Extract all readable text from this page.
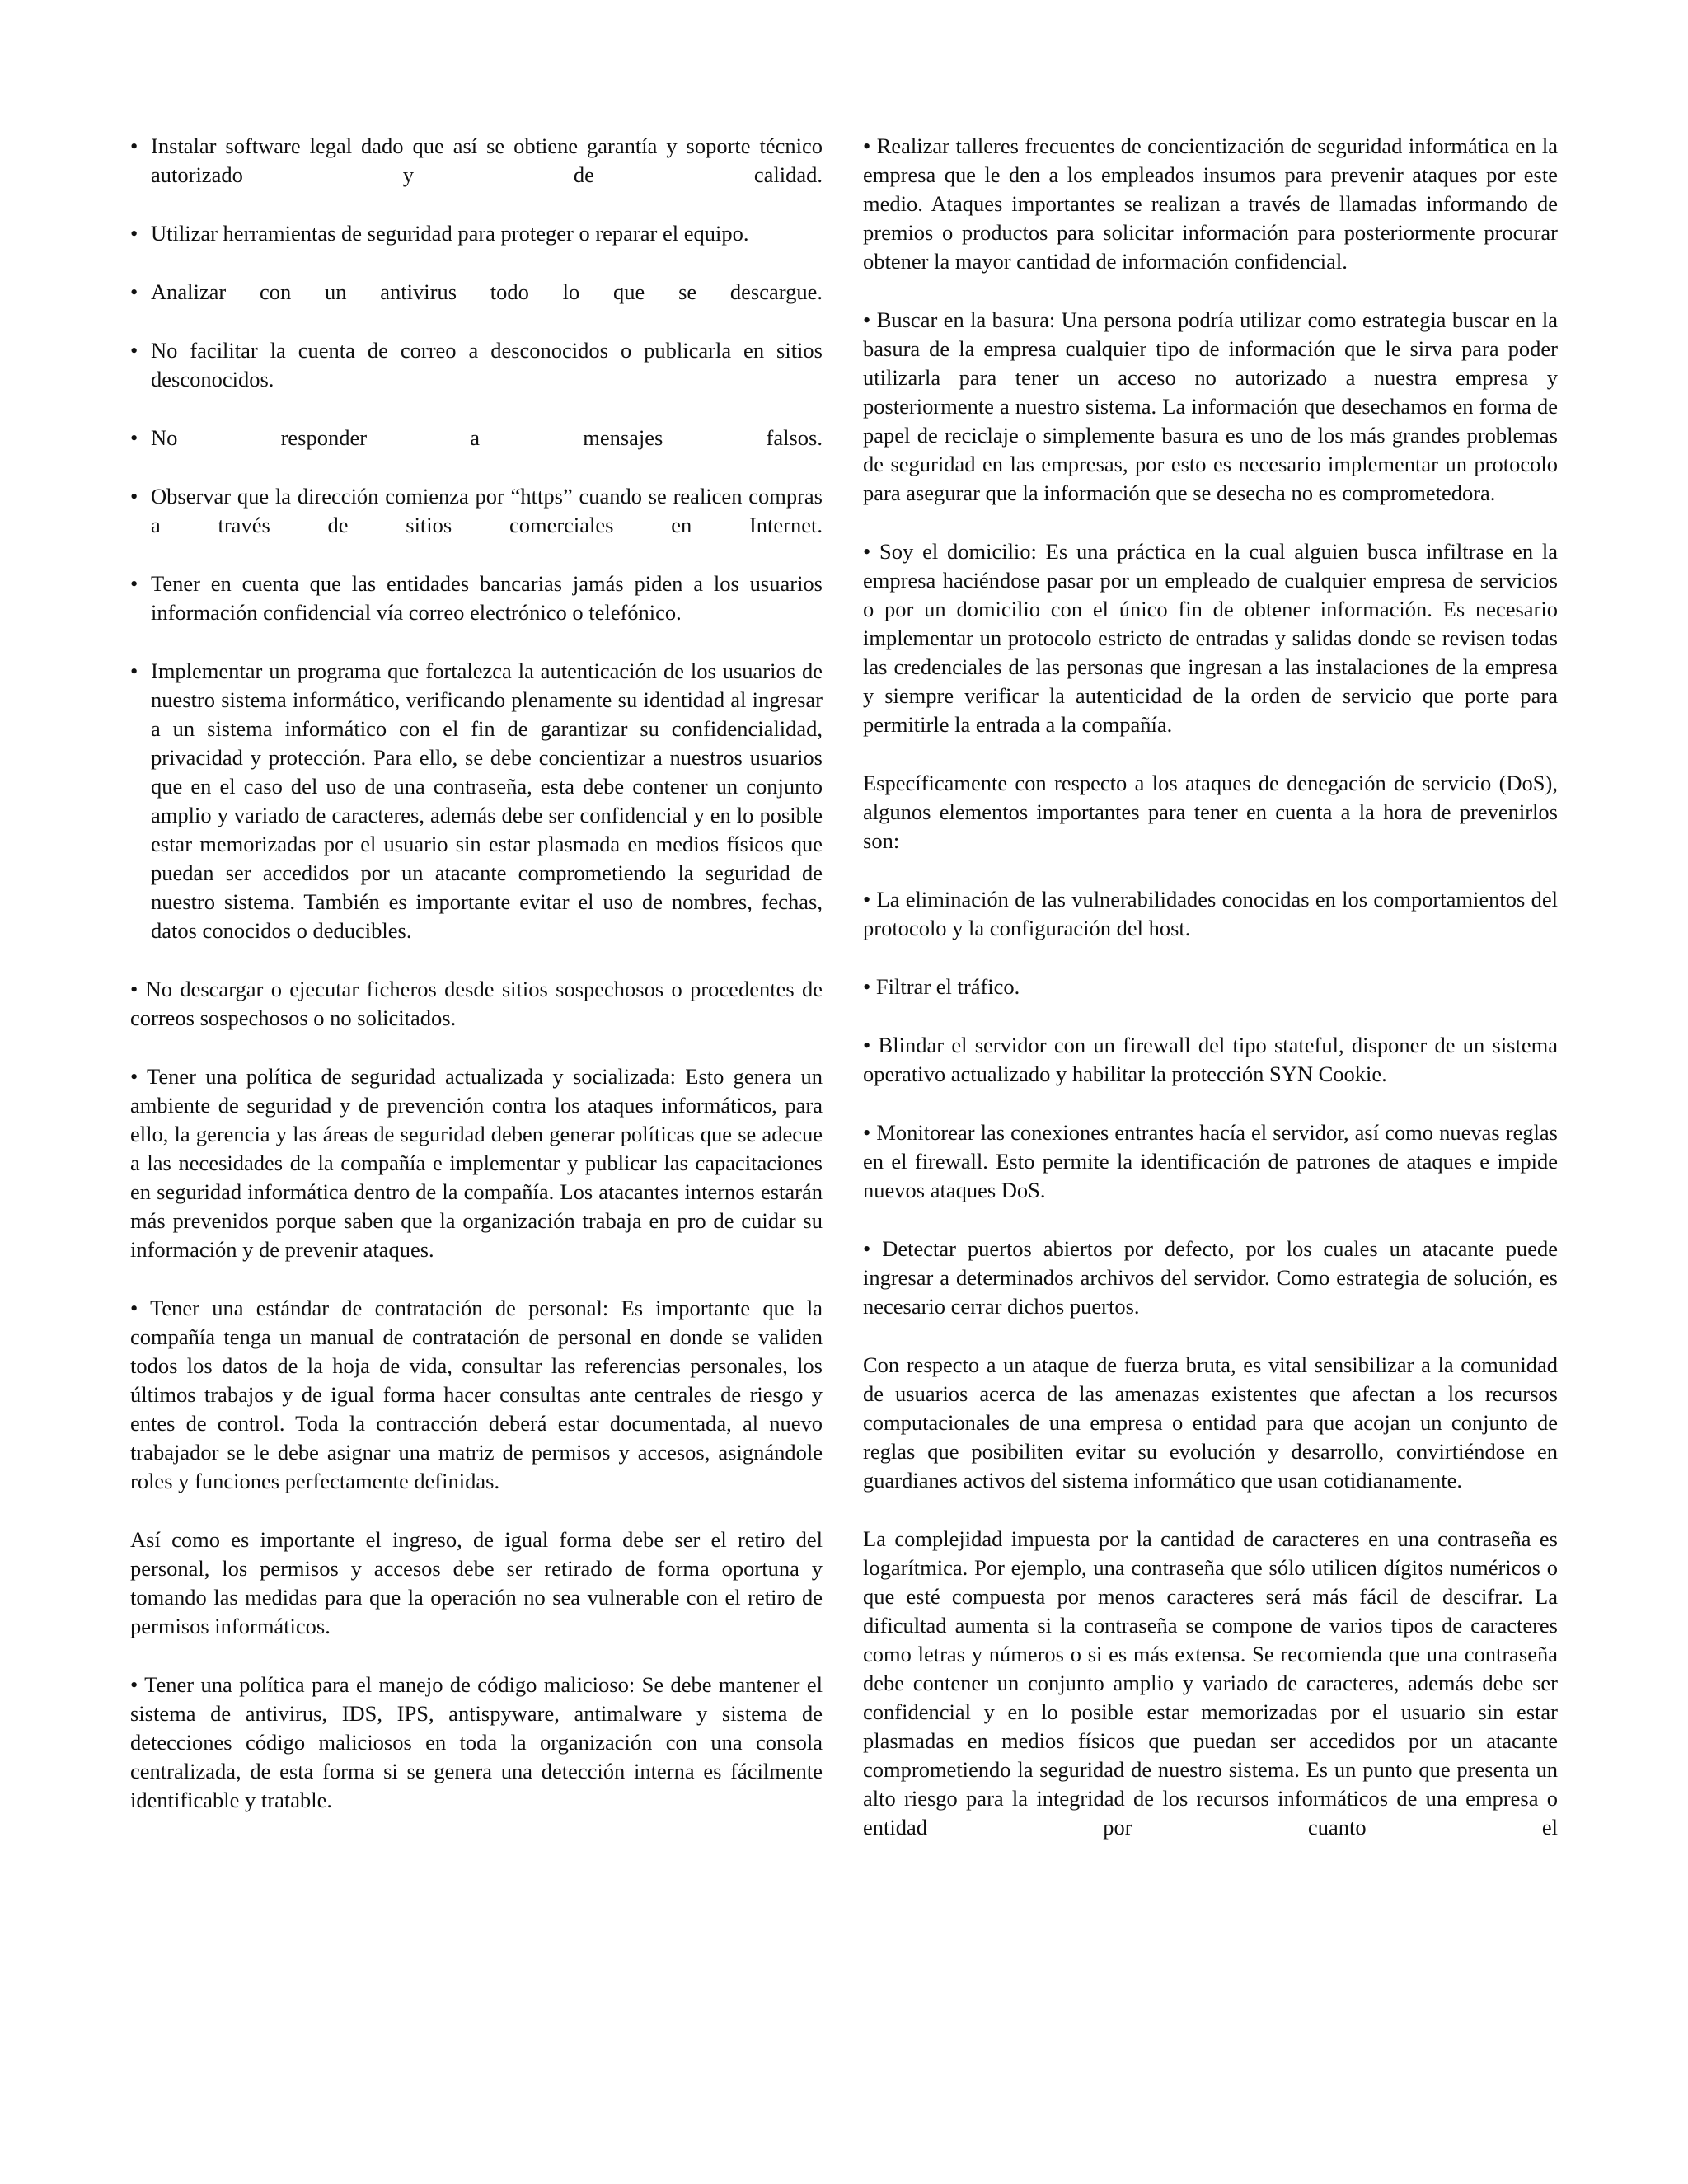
• Instalar software legal dado que así se obtiene garantía y soporte técnico autorizado y de calidad.

• Utilizar herramientas de seguridad para proteger o reparar el equipo.

• Analizar con un antivirus todo lo que se descargue.

• No facilitar la cuenta de correo a desconocidos o publicarla en sitios desconocidos.

• No responder a mensajes falsos.

• Observar que la dirección comienza por “https” cuando se realicen compras a través de sitios comerciales en Internet.

• Tener en cuenta que las entidades bancarias jamás piden a los usuarios información confidencial vía correo electrónico o telefónico.

• Implementar un programa que fortalezca la autenticación de los usuarios de nuestro sistema informático, verificando plenamente su identidad al ingresar a un sistema informático con el fin de garantizar su confidencialidad, privacidad y protección. Para ello, se debe concientizar a nuestros usuarios que en el caso del uso de una contraseña, esta debe contener un conjunto amplio y variado de caracteres, además debe ser confidencial y en lo posible estar memorizadas por el usuario sin estar plasmada en medios físicos que puedan ser accedidos por un atacante comprometiendo la seguridad de nuestro sistema. También es importante evitar el uso de nombres, fechas, datos conocidos o deducibles.

• No descargar o ejecutar ficheros desde sitios sospechosos o procedentes de correos sospechosos o no solicitados.

• Tener una política de seguridad actualizada y socializada: Esto genera un ambiente de seguridad y de prevención contra los ataques informáticos, para ello, la gerencia y las áreas de seguridad deben generar políticas que se adecue a las necesidades de la compañía e implementar y publicar las capacitaciones en seguridad informática dentro de la compañía. Los atacantes internos estarán más prevenidos porque saben que la organización trabaja en pro de cuidar su información y de prevenir ataques.

• Tener una estándar de contratación de personal: Es importante que la compañía tenga un manual de contratación de personal en donde se validen todos los datos de la hoja de vida, consultar las referencias personales, los últimos trabajos y de igual forma hacer consultas ante centrales de riesgo y entes de control. Toda la contracción deberá estar documentada, al nuevo trabajador se le debe asignar una matriz de permisos y accesos, asignándole roles y funciones perfectamente definidas.

Así como es importante el ingreso, de igual forma debe ser el retiro del personal, los permisos y accesos debe ser retirado de forma oportuna y tomando las medidas para que la operación no sea vulnerable con el retiro de permisos informáticos.

• Tener una política para el manejo de código malicioso: Se debe mantener el sistema de antivirus, IDS, IPS, antispyware, antimalware y sistema de detecciones código maliciosos en toda la organización con una consola centralizada, de esta forma si se genera una detección interna es fácilmente identificable y tratable.

• Realizar talleres frecuentes de concientización de seguridad informática en la empresa que le den a los empleados insumos para prevenir ataques por este medio. Ataques importantes se realizan a través de llamadas informando de premios o productos para solicitar información para posteriormente procurar obtener la mayor cantidad de información confidencial.

• Buscar en la basura: Una persona podría utilizar como estrategia buscar en la basura de la empresa cualquier tipo de información que le sirva para poder utilizarla para tener un acceso no autorizado a nuestra empresa y posteriormente a nuestro sistema. La información que desechamos en forma de papel de reciclaje o simplemente basura es uno de los más grandes problemas de seguridad en las empresas, por esto es necesario implementar un protocolo para asegurar que la información que se desecha no es comprometedora.

• Soy el domicilio: Es una práctica en la cual alguien busca infiltrase en la empresa haciéndose pasar por un empleado de cualquier empresa de servicios o por un domicilio con el único fin de obtener información. Es necesario implementar un protocolo estricto de entradas y salidas donde se revisen todas las credenciales de las personas que ingresan a las instalaciones de la empresa y siempre verificar la autenticidad de la orden de servicio que porte para permitirle la entrada a la compañía.

Específicamente con respecto a los ataques de denegación de servicio (DoS), algunos elementos importantes para tener en cuenta a la hora de prevenirlos son:

• La eliminación de las vulnerabilidades conocidas en los comportamientos del protocolo y la configuración del host.

• Filtrar el tráfico.

• Blindar el servidor con un firewall del tipo stateful, disponer de un sistema operativo actualizado y habilitar la protección SYN Cookie.

• Monitorear las conexiones entrantes hacía el servidor, así como nuevas reglas en el firewall. Esto permite la identificación de patrones de ataques e impide nuevos ataques DoS.

• Detectar puertos abiertos por defecto, por los cuales un atacante puede ingresar a determinados archivos del servidor. Como estrategia de solución, es necesario cerrar dichos puertos.

Con respecto a un ataque de fuerza bruta, es vital sensibilizar a la comunidad de usuarios acerca de las amenazas existentes que afectan a los recursos computacionales de una empresa o entidad para que acojan un conjunto de reglas que posibiliten evitar su evolución y desarrollo, convirtiéndose en guardianes activos del sistema informático que usan cotidianamente.

La complejidad impuesta por la cantidad de caracteres en una contraseña es logarítmica. Por ejemplo, una contraseña que sólo utilicen dígitos numéricos o que esté compuesta por menos caracteres será más fácil de descifrar. La dificultad aumenta si la contraseña se compone de varios tipos de caracteres como letras y números o si es más extensa. Se recomienda que una contraseña debe contener un conjunto amplio y variado de caracteres, además debe ser confidencial y en lo posible estar memorizadas por el usuario sin estar plasmadas en medios físicos que puedan ser accedidos por un atacante comprometiendo la seguridad de nuestro sistema. Es un punto que presenta un alto riesgo para la integridad de los recursos informáticos de una empresa o entidad por cuanto el
